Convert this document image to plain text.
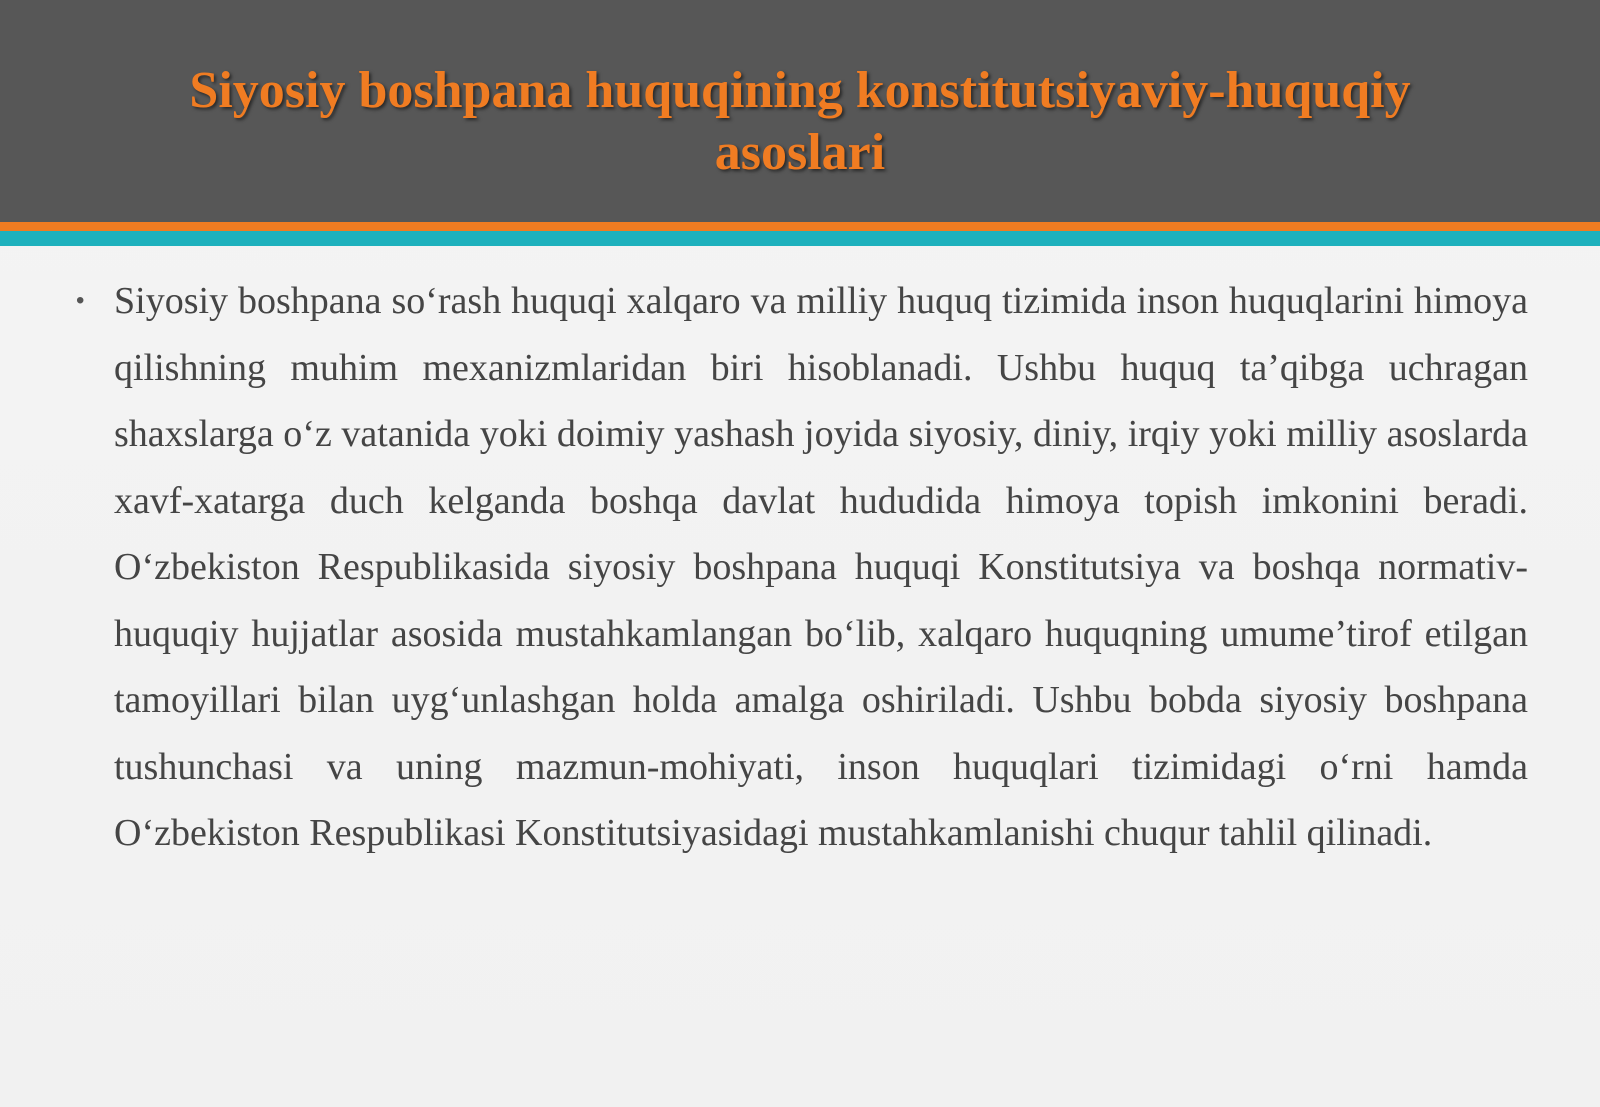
Siyosiy boshpana huquqining konstitutsiyaviy-huquqiy asoslari
• Siyosiy boshpana so‘rash huquqi xalqaro va milliy huquq tizimida inson huquqlarini himoya qilishning muhim mexanizmlaridan biri hisoblanadi. Ushbu huquq ta’qibga uchragan shaxslarga o‘z vatanida yoki doimiy yashash joyida siyosiy, diniy, irqiy yoki milliy asoslarda xavf-xatarga duch kelganda boshqa davlat hududida himoya topish imkonini beradi. O‘zbekiston Respublikasida siyosiy boshpana huquqi Konstitutsiya va boshqa normativ-huquqiy hujjatlar asosida mustahkamlangan bo‘lib, xalqaro huquqning umume’tirof etilgan tamoyillari bilan uyg‘unlashgan holda amalga oshiriladi. Ushbu bobda siyosiy boshpana tushunchasi va uning mazmun-mohiyati, inson huquqlari tizimidagi o‘rni hamda O‘zbekiston Respublikasi Konstitutsiyasidagi mustahkamlanishi chuqur tahlil qilinadi.
